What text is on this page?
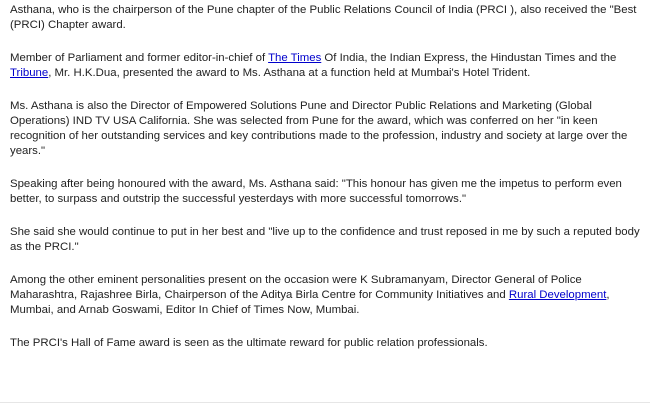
Asthana, who is the chairperson of the Pune chapter of the Public Relations Council of India (PRCI ), also received the "Best (PRCI) Chapter award.

Member of Parliament and former editor-in-chief of The Times Of India, the Indian Express, the Hindustan Times and the Tribune, Mr. H.K.Dua, presented the award to Ms. Asthana at a function held at Mumbai's Hotel Trident.

Ms. Asthana is also the Director of Empowered Solutions Pune and Director Public Relations and Marketing (Global Operations) IND TV USA California. She was selected from Pune for the award, which was conferred on her "in keen recognition of her outstanding services and key contributions made to the profession, industry and society at large over the years."

Speaking after being honoured with the award, Ms. Asthana said: "This honour has given me the impetus to perform even better, to surpass and outstrip the successful yesterdays with more successful tomorrows."

She said she would continue to put in her best and "live up to the confidence and trust reposed in me by such a reputed body as the PRCI."

Among the other eminent personalities present on the occasion were K Subramanyam, Director General of Police Maharashtra, Rajashree Birla, Chairperson of the Aditya Birla Centre for Community Initiatives and Rural Development, Mumbai, and Arnab Goswami, Editor In Chief of Times Now, Mumbai.

The PRCI's Hall of Fame award is seen as the ultimate reward for public relation professionals.
